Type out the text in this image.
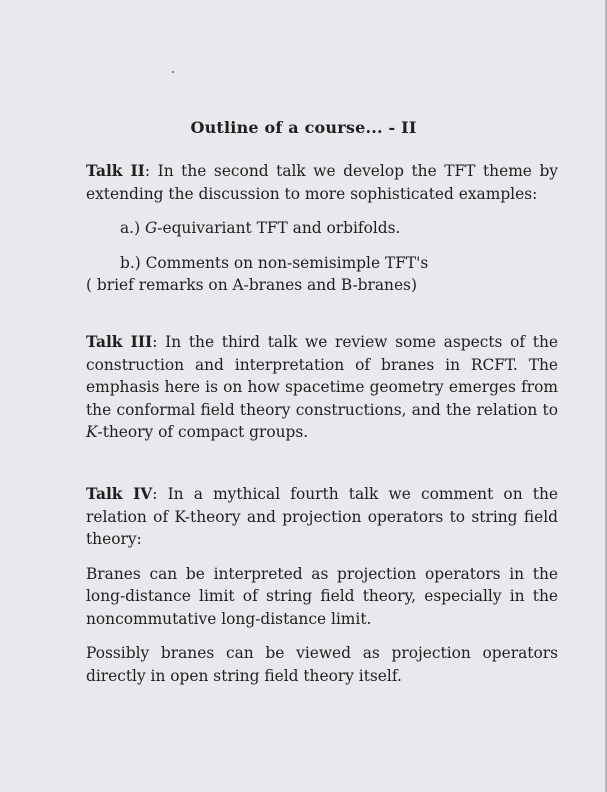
Outline of a course... - II
Talk II: In the second talk we develop the TFT theme by extending the discussion to more sophisticated examples:
a.) G-equivariant TFT and orbifolds.
b.) Comments on non-semisimple TFT's
( brief remarks on A-branes and B-branes)
Talk III: In the third talk we review some aspects of the construction and interpretation of branes in RCFT. The emphasis here is on how spacetime geometry emerges from the conformal field theory constructions, and the relation to K-theory of compact groups.
Talk IV: In a mythical fourth talk we comment on the relation of K-theory and projection operators to string field theory:
Branes can be interpreted as projection operators in the long-distance limit of string field theory, especially in the noncommutative long-distance limit.
Possibly branes can be viewed as projection operators directly in open string field theory itself.
